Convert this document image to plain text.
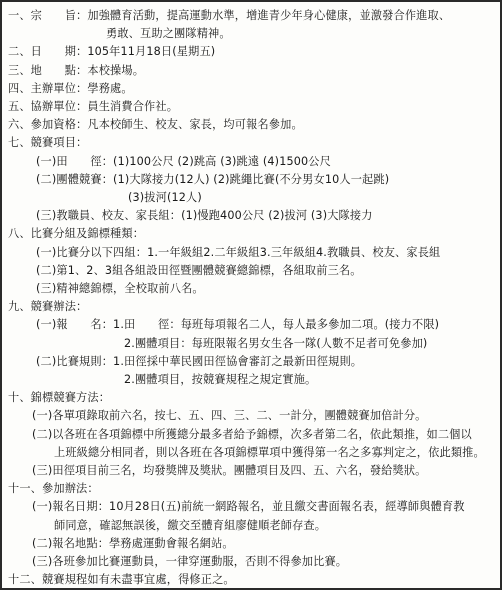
一、宗　　旨：加強體育活動，提高運動水準，增進青少年身心健康，並激發合作進取、
勇敢、互助之團隊精神。
二、日　　期：105年11月18日(星期五)
三、地　　點：本校操場。
四、主辦單位：學務處。
五、協辦單位：員生消費合作社。
六、參加資格：凡本校師生、校友、家長，均可報名參加。
七、競賽項目：
(一)田　　徑：(1)100公尺 (2)跳高 (3)跳遠 (4)1500公尺
(二)團體競賽：(1)大隊接力(12人) (2)跳繩比賽(不分男女10人一起跳)
(3)拔河(12人)
(三)教職員、校友、家長組：(1)慢跑400公尺 (2)拔河 (3)大隊接力
八、比賽分組及錦標種類：
(一)比賽分以下四組：1.一年級組2.二年級組3.三年級組4.教職員、校友、家長組
(二)第1、2、3組各組設田徑暨團體競賽總錦標，各組取前三名。
(三)精神總錦標，全校取前八名。
九、競賽辦法：
(一)報　　名：1.田　　徑：每班每項報名二人，每人最多參加二項。(接力不限)
2.團體項目：每班限報名男女生各一隊(人數不足者可免參加)
(二)比賽規則：1.田徑採中華民國田徑協會審訂之最新田徑規則。
2.團體項目，按競賽規程之規定實施。
十、錦標競賽方法：
(一)各單項錄取前六名，按七、五、四、三、二、一計分，團體競賽加倍計分。
(二)以各班在各項錦標中所獲總分最多者給予錦標，次多者第二名，依此類推，如二個以
上班級總分相同者，則以各班在各項錦標單項中獲得第一名之多寡判定之，依此類推。
(三)田徑項目前三名，均發獎牌及獎狀。團體項目及四、五、六名，發給獎狀。
十一、參加辦法：
(一)報名日期：10月28日(五)前統一網路報名，並且繳交書面報名表，經導師與體育教
師同意，確認無誤後，繳交至體育組廖健順老師存查。
(二)報名地點：學務處運動會報名網站。
(三)各班參加比賽運動員，一律穿運動服，否則不得參加比賽。
十二、競賽規程如有未盡事宜處，得修正之。
